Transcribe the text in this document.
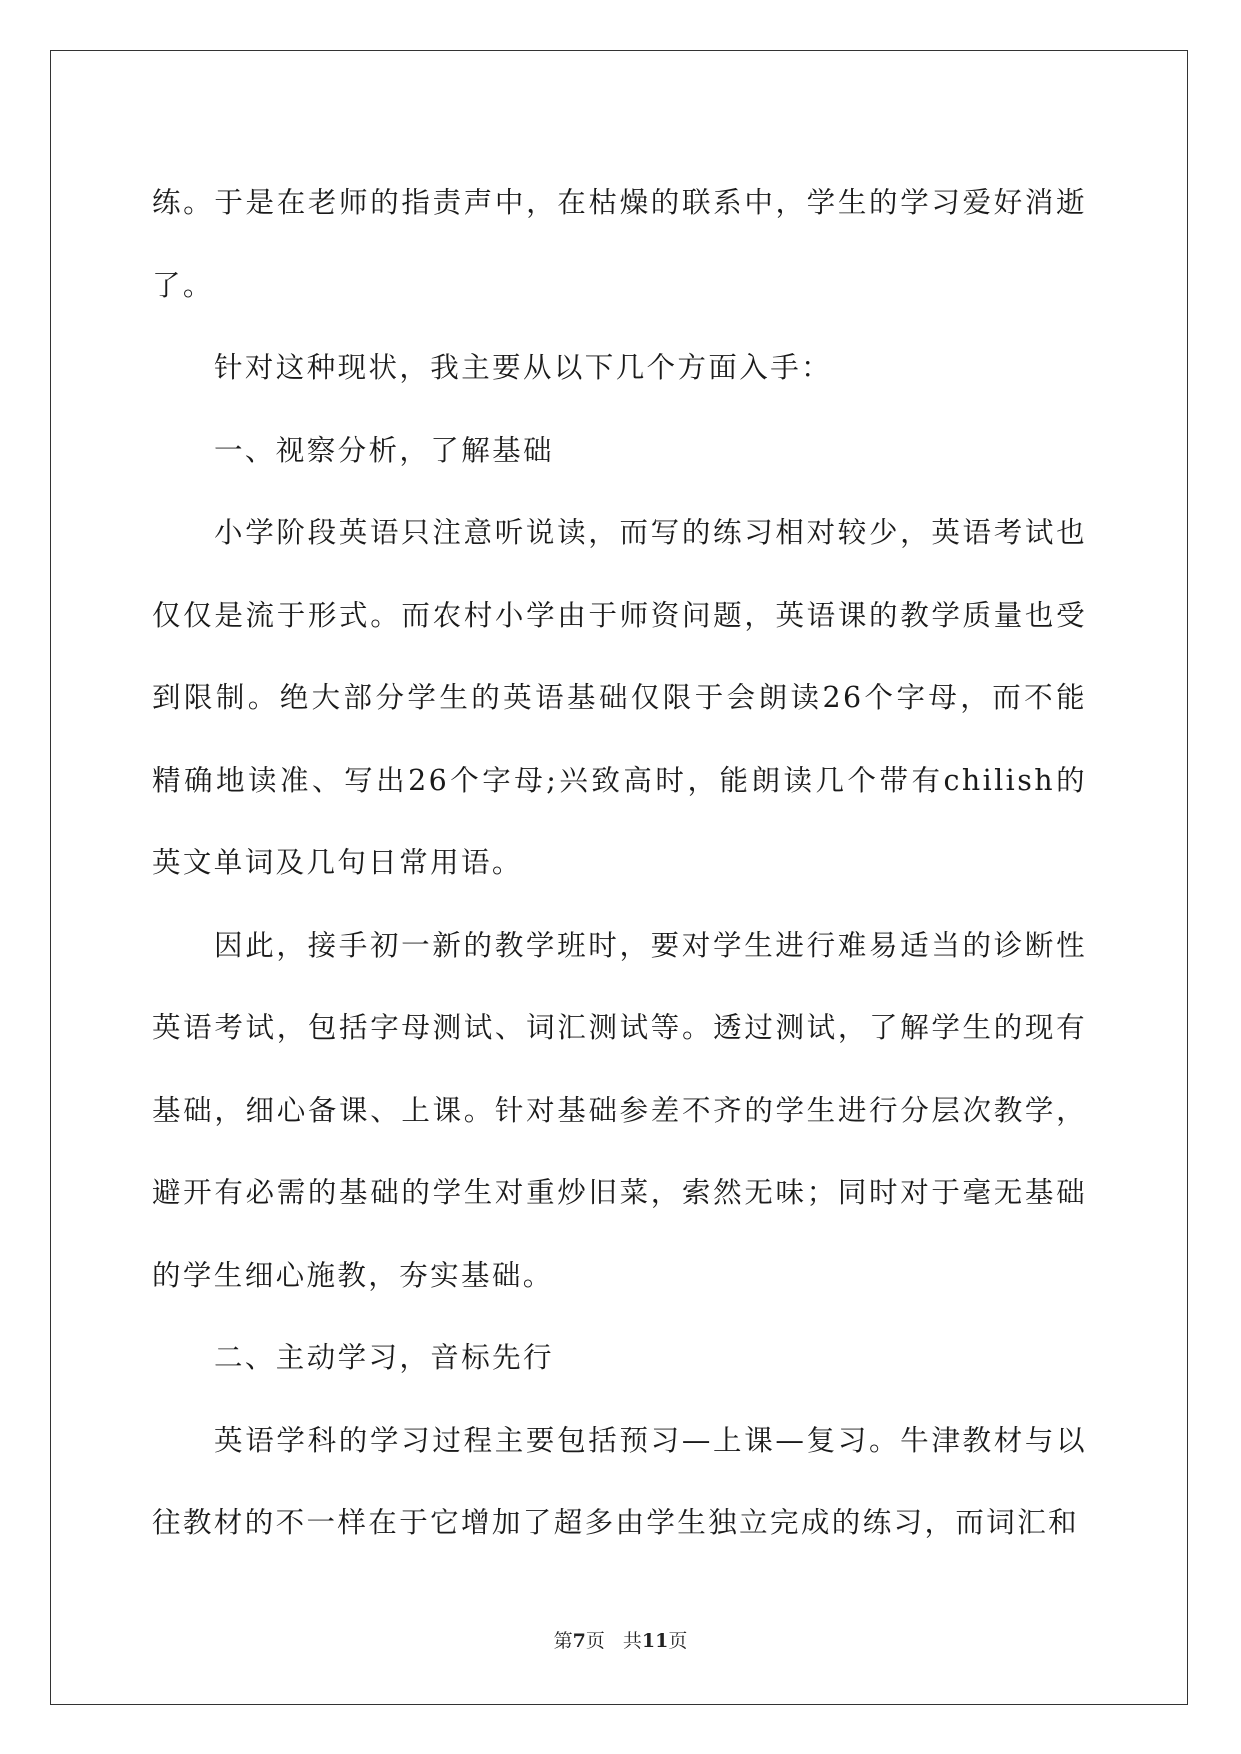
练。于是在老师的指责声中，在枯燥的联系中，学生的学习爱好消逝了。

针对这种现状，我主要从以下几个方面入手：

一、视察分析，了解基础

小学阶段英语只注意听说读，而写的练习相对较少，英语考试也仅仅是流于形式。而农村小学由于师资问题，英语课的教学质量也受到限制。绝大部分学生的英语基础仅限于会朗读26个字母，而不能精确地读准、写出26个字母;兴致高时，能朗读几个带有chilish的英文单词及几句日常用语。

因此，接手初一新的教学班时，要对学生进行难易适当的诊断性英语考试，包括字母测试、词汇测试等。透过测试，了解学生的现有基础，细心备课、上课。针对基础参差不齐的学生进行分层次教学，避开有必需的基础的学生对重炒旧菜，索然无味；同时对于毫无基础的学生细心施教，夯实基础。

二、主动学习，音标先行

英语学科的学习过程主要包括预习—上课—复习。牛津教材与以往教材的不一样在于它增加了超多由学生独立完成的练习，而词汇和

第7页 共11页
